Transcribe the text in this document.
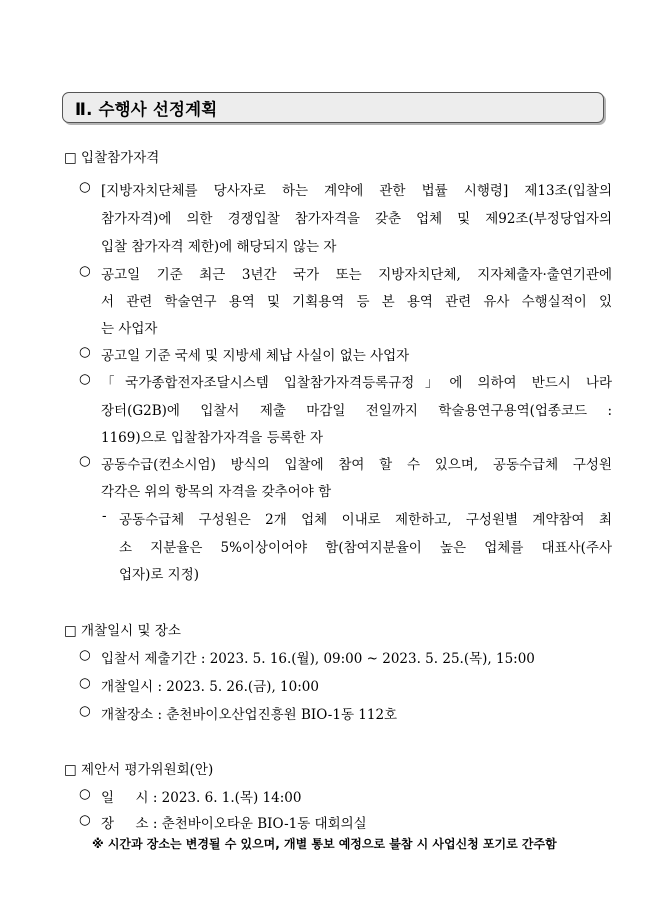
Ⅱ. 수행사 선정계획
□ 입찰참가자격
○ [지방자치단체를 당사자로 하는 계약에 관한 법률 시행령] 제13조(입찰의
참가자격)에 의한 경쟁입찰 참가자격을 갖춘 업체 및 제92조(부정당업자의
입찰 참가자격 제한)에 해당되지 않는 자
○ 공고일 기준 최근 3년간 국가 또는 지방자치단체, 지자체출자·출연기관에
서 관련 학술연구 용역 및 기획용역 등 본 용역 관련 유사 수행실적이 있
는 사업자
○ 공고일 기준 국세 및 지방세 체납 사실이 없는 사업자
○ 「국가종합전자조달시스템 입찰참가자격등록규정」에 의하여 반드시 나라
장터(G2B)에 입찰서 제출 마감일 전일까지 학술용연구용역(업종코드 :
1169)으로 입찰참가자격을 등록한 자
○ 공동수급(컨소시엄) 방식의 입찰에 참여 할 수 있으며, 공동수급체 구성원
각각은 위의 항목의 자격을 갖추어야 함
- 공동수급체 구성원은 2개 업체 이내로 제한하고, 구성원별 계약참여 최
소 지분율은 5%이상이어야 함(참여지분율이 높은 업체를 대표사(주사
업자)로 지정)
□ 개찰일시 및 장소
○ 입찰서 제출기간 : 2023. 5. 16.(월), 09:00 ~ 2023. 5. 25.(목), 15:00
○ 개찰일시 : 2023. 5. 26.(금), 10:00
○ 개찰장소 : 춘천바이오산업진흥원 BIO-1동 112호
□ 제안서 평가위원회(안)
○ 일     시 : 2023. 6. 1.(목) 14:00
○ 장     소 : 춘천바이오타운 BIO-1동 대회의실
※ 시간과 장소는 변경될 수 있으며, 개별 통보 예정으로 불참 시 사업신청 포기로 간주함
